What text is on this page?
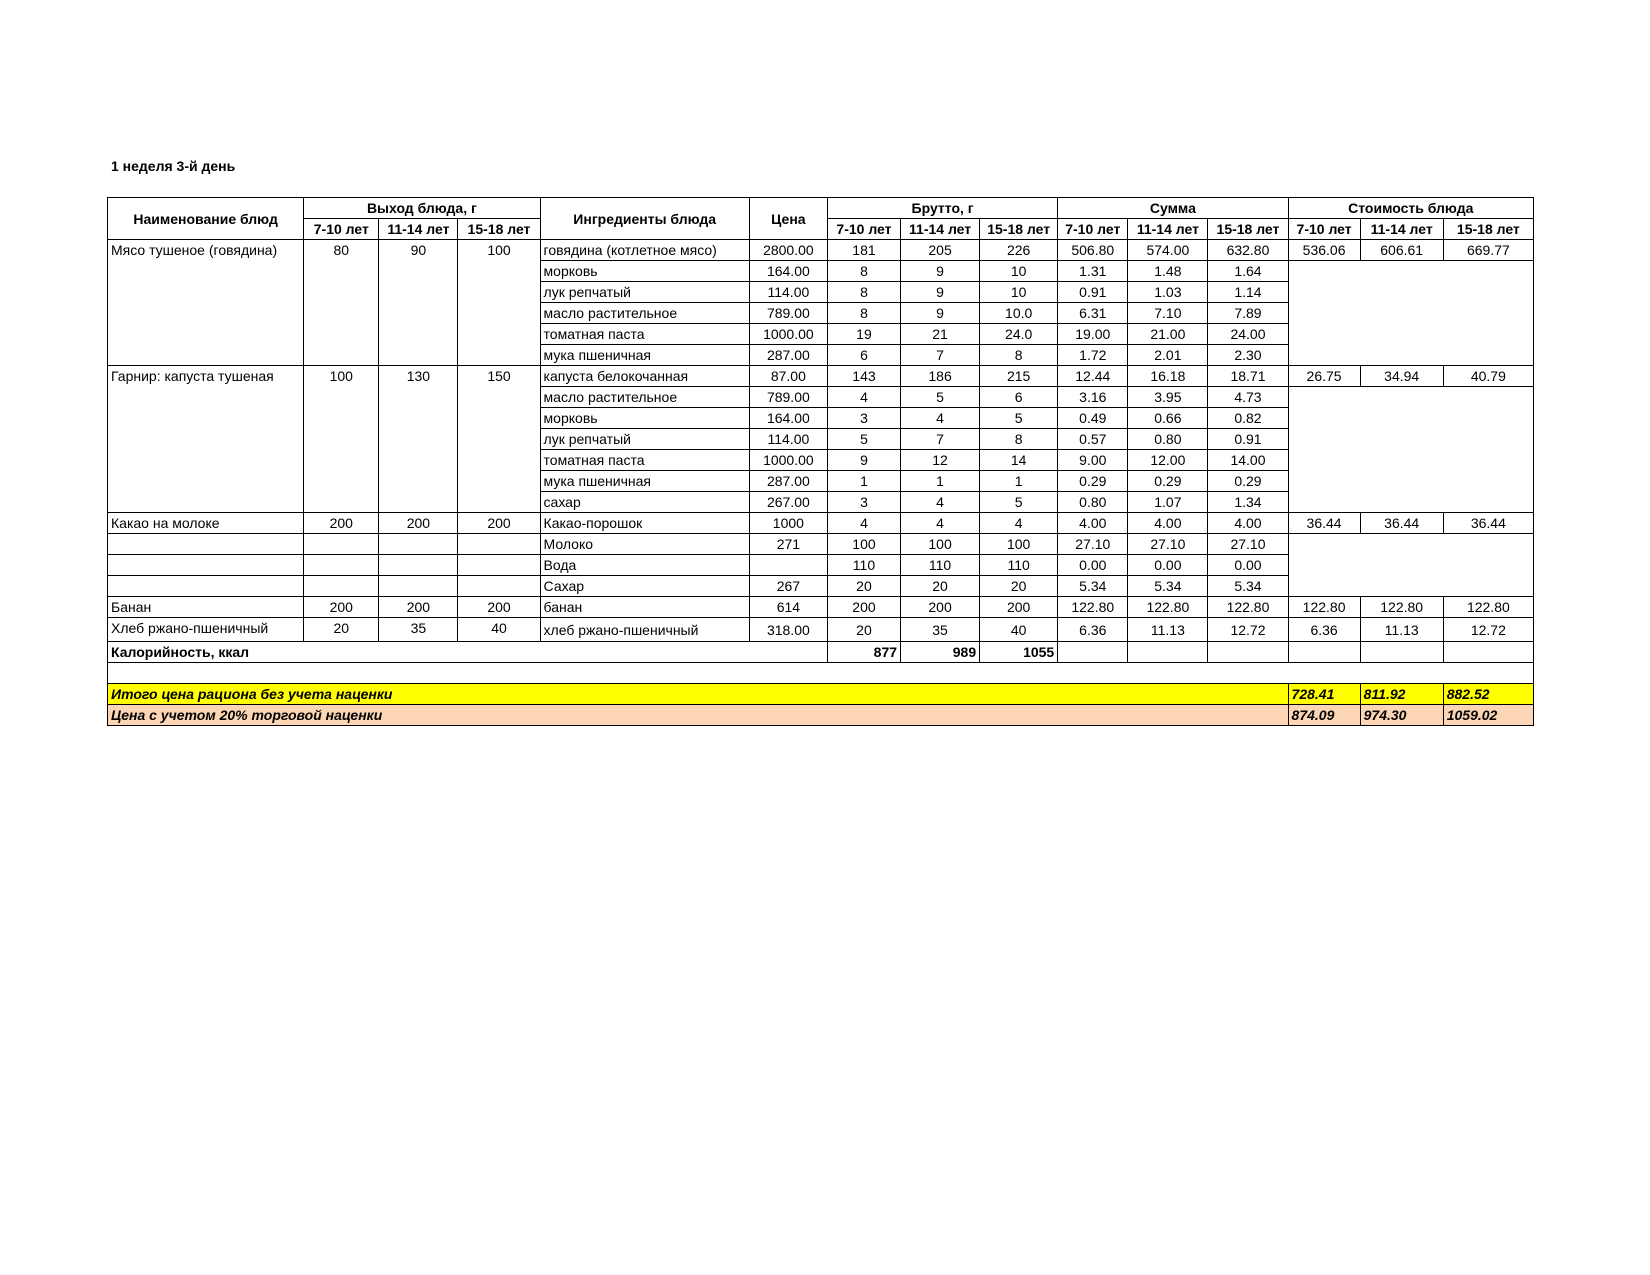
1 неделя 3-й день
Наименование блюд	Выход блюда, г			Ингредиенты блюда	Цена	Брутто, г			Сумма			Стоимость блюда		
	7-10 лет	11-14 лет	15-18 лет			7-10 лет	11-14 лет	15-18 лет	7-10 лет	11-14 лет	15-18 лет	7-10 лет	11-14 лет	15-18 лет
Мясо тушеное (говядина)	80	90	100	говядина (котлетное мясо)	2800.00	181	205	226	506.80	574.00	632.80	536.06	606.61	669.77
				морковь	164.00	8	9	10	1.31	1.48	1.64			
				лук репчатый	114.00	8	9	10	0.91	1.03	1.14			
				масло растительное	789.00	8	9	10.0	6.31	7.10	7.89			
				томатная паста	1000.00	19	21	24.0	19.00	21.00	24.00			
				мука пшеничная	287.00	6	7	8	1.72	2.01	2.30			
Гарнир: капуста тушеная	100	130	150	капуста белокочанная	87.00	143	186	215	12.44	16.18	18.71	26.75	34.94	40.79
				масло растительное	789.00	4	5	6	3.16	3.95	4.73			
				морковь	164.00	3	4	5	0.49	0.66	0.82			
				лук репчатый	114.00	5	7	8	0.57	0.80	0.91			
				томатная паста	1000.00	9	12	14	9.00	12.00	14.00			
				мука пшеничная	287.00	1	1	1	0.29	0.29	0.29			
				сахар	267.00	3	4	5	0.80	1.07	1.34			
Какао на молоке	200	200	200	Какао-порошок	1000	4	4	4	4.00	4.00	4.00	36.44	36.44	36.44
				Молоко	271	100	100	100	27.10	27.10	27.10			
				Вода		110	110	110	0.00	0.00	0.00			
				Сахар	267	20	20	20	5.34	5.34	5.34			
Банан	200	200	200	банан	614	200	200	200	122.80	122.80	122.80	122.80	122.80	122.80
Хлеб ржано-пшеничный	20	35	40	хлеб ржано-пшеничный	318.00	20	35	40	6.36	11.13	12.72	6.36	11.13	12.72
Калорийность, ккал						877	989	1055						

Итого цена рациона без учета наценки												728.41	811.92	882.52
Цена с учетом 20% торговой наценки												874.09	974.30	1059.02
